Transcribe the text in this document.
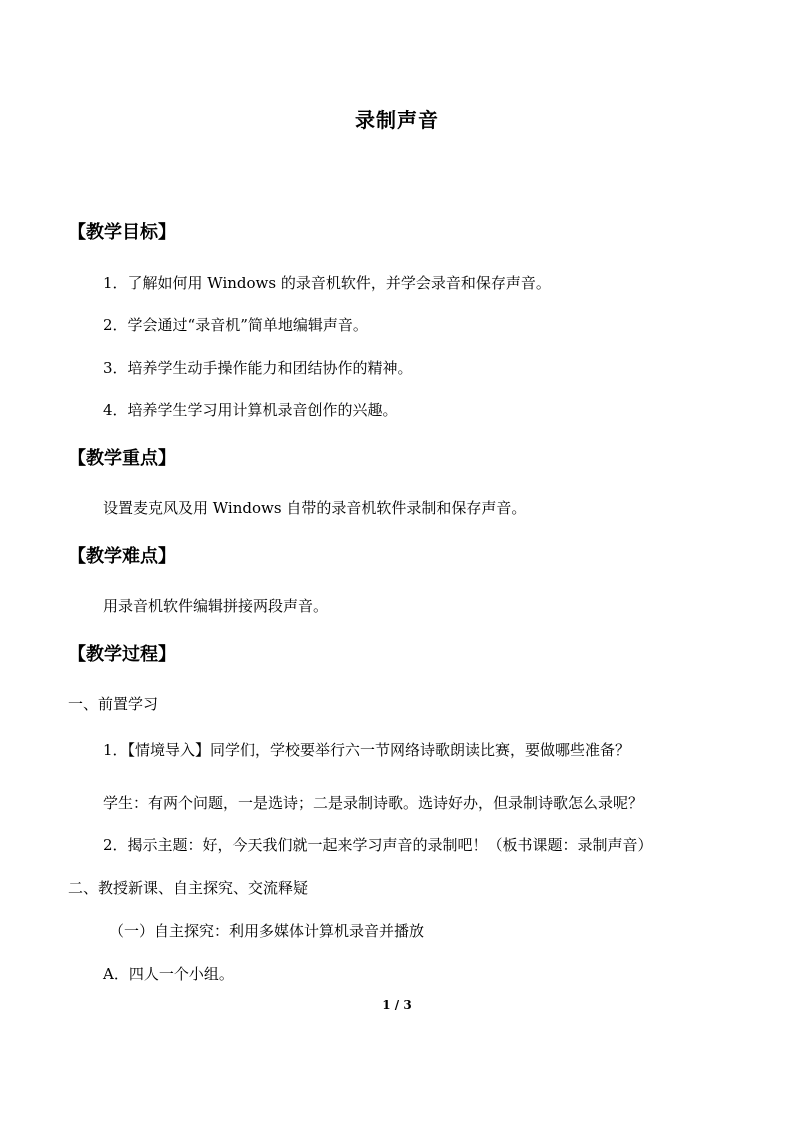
录制声音
【教学目标】
1．了解如何用 Windows 的录音机软件，并学会录音和保存声音。
2．学会通过“录音机”简单地编辑声音。
3．培养学生动手操作能力和团结协作的精神。
4．培养学生学习用计算机录音创作的兴趣。
【教学重点】
设置麦克风及用 Windows 自带的录音机软件录制和保存声音。
【教学难点】
用录音机软件编辑拼接两段声音。
【教学过程】
一、前置学习
1．【情境导入】同学们，学校要举行六一节网络诗歌朗读比赛，要做哪些准备？
学生：有两个问题，一是选诗；二是录制诗歌。选诗好办，但录制诗歌怎么录呢？
2．揭示主题：好，今天我们就一起来学习声音的录制吧！（板书课题：录制声音）
二、教授新课、自主探究、交流释疑
（一）自主探究：利用多媒体计算机录音并播放
A．四人一个小组。
1 / 3
